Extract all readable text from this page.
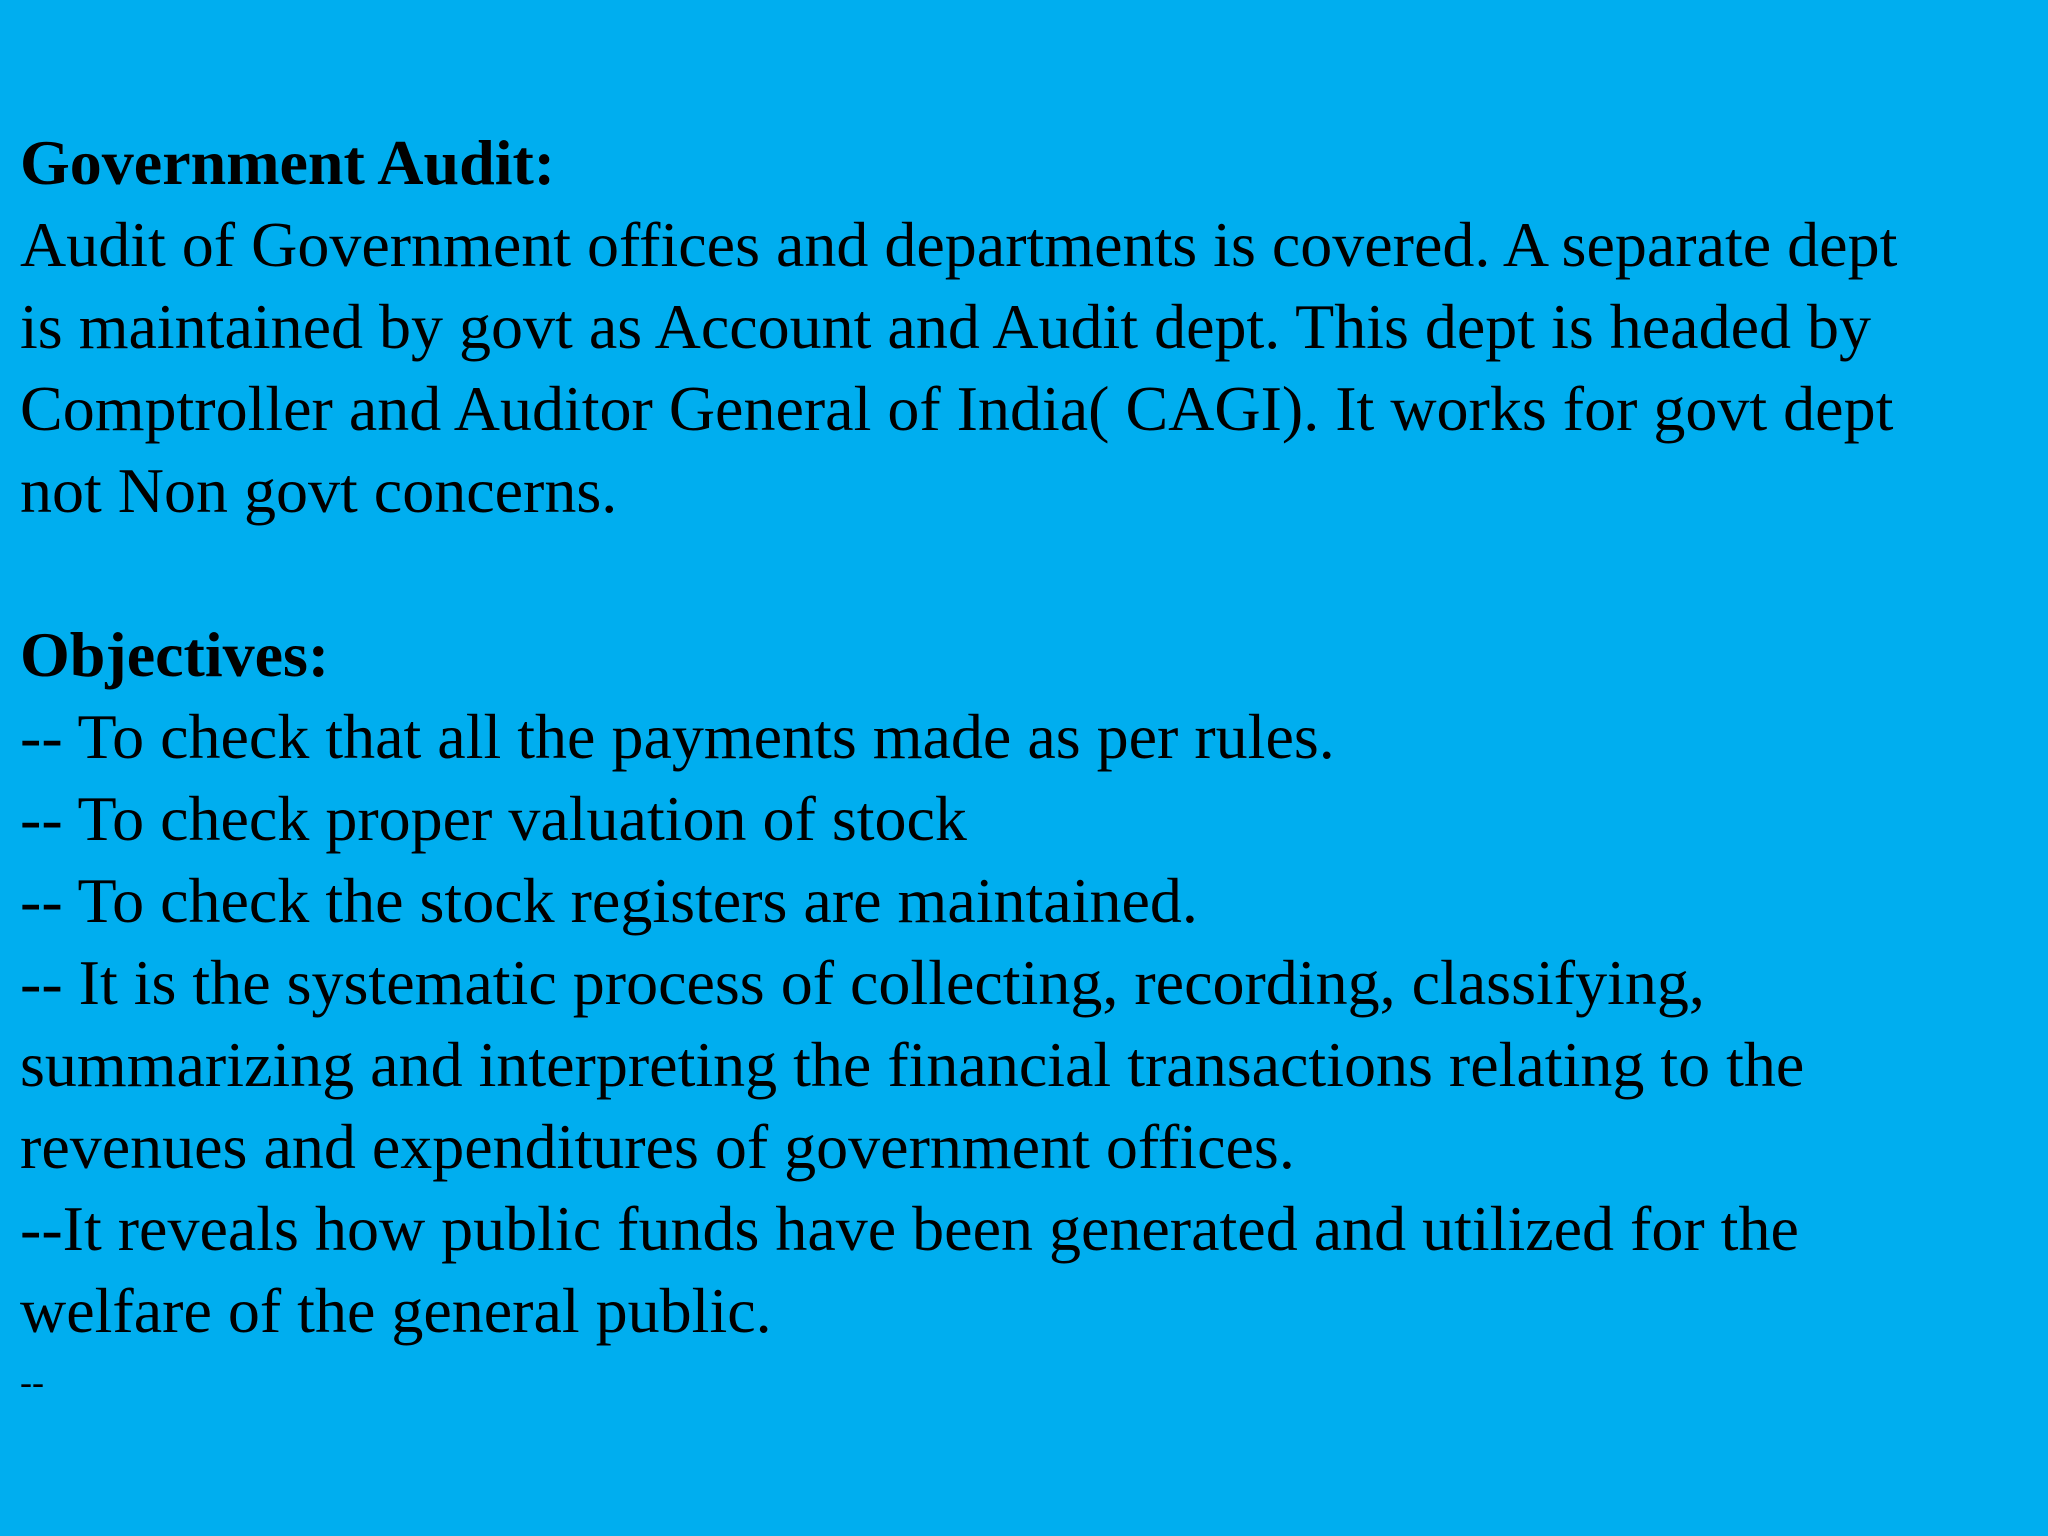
Government Audit:
Audit of Government offices and departments is covered. A separate dept
is maintained by govt as Account and Audit dept. This dept is headed by
Comptroller and Auditor General of India( CAGI). It works for govt dept
not Non govt concerns.
Objectives:
-- To check that all the payments made as per rules.
-- To check proper valuation of stock
-- To check the stock registers are maintained.
-- It is the systematic process of collecting, recording, classifying,
summarizing and interpreting the financial transactions relating to the
revenues and expenditures of government offices.
--It reveals how public funds have been generated and utilized for the
welfare of the general public.
--
